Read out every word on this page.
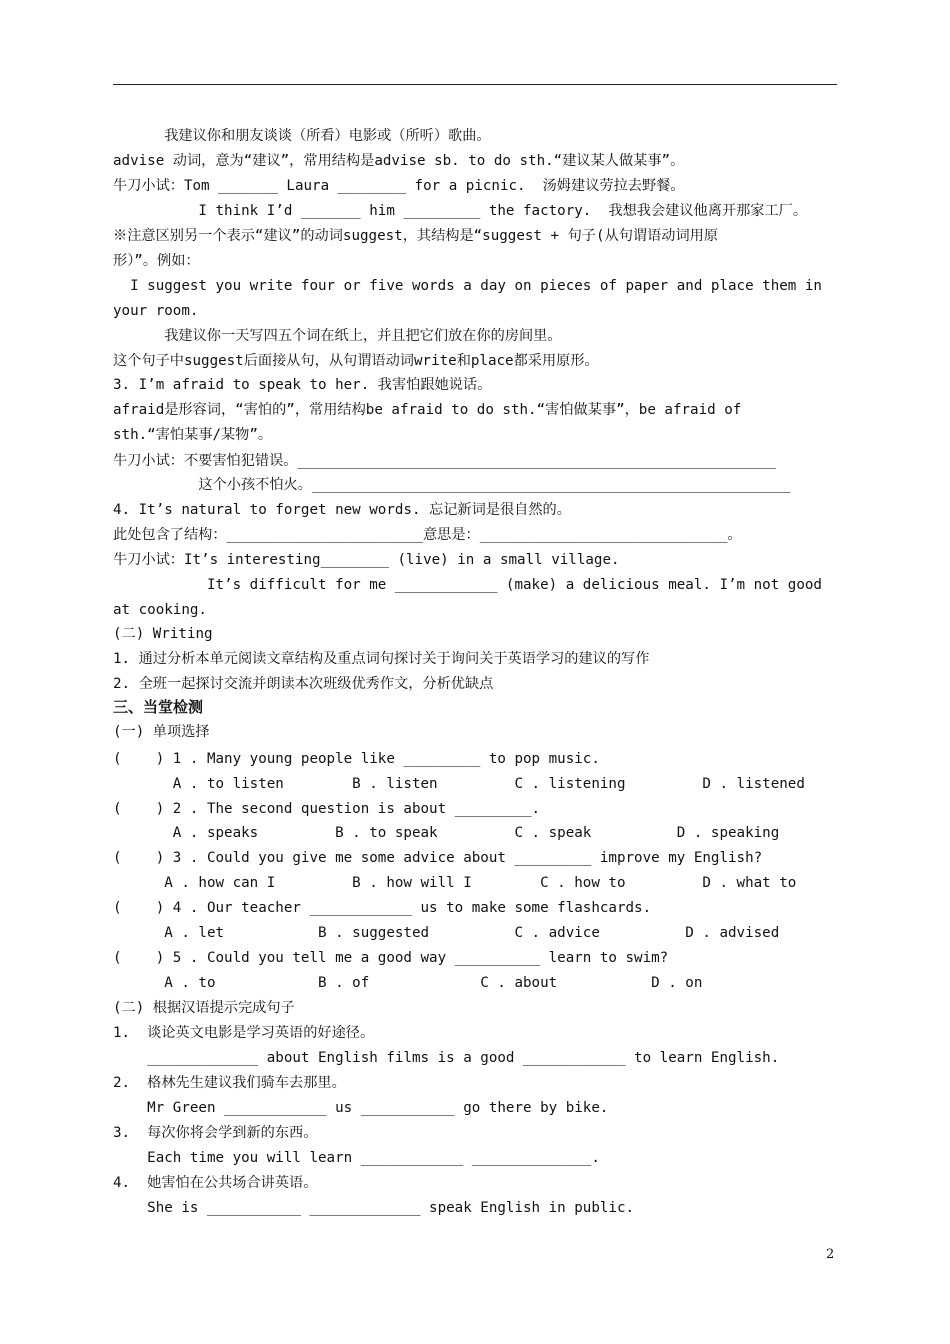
我建议你和朋友谈谈（所看）电影或（所听）歌曲。
advise 动词，意为“建议”，常用结构是advise sb. to do sth.“建议某人做某事”。
牛刀小试：Tom _______ Laura ________ for a picnic.  汤姆建议劳拉去野餐。
I think I’d _______ him _________ the factory.  我想我会建议他离开那家工厂。
※注意区别另一个表示“建议”的动词suggest，其结构是“suggest + 句子(从句谓语动词用原
形）”。例如：
I suggest you write four or five words a day on pieces of paper and place them in
your room.
我建议你一天写四五个词在纸上，并且把它们放在你的房间里。
这个句子中suggest后面接从句，从句谓语动词write和place都采用原形。
3. I’m afraid to speak to her. 我害怕跟她说话。
afraid是形容词，“害怕的”，常用结构be afraid to do sth.“害怕做某事”，be afraid of
sth.“害怕某事/某物”。
牛刀小试：不要害怕犯错误。________________________________________________________
这个小孩不怕火。________________________________________________________
4. It’s natural to forget new words. 忘记新词是很自然的。
此处包含了结构：_______________________意思是：_____________________________。
牛刀小试：It’s interesting________ (live) in a small village.
It’s difficult for me ____________ (make) a delicious meal. I’m not good
at cooking.
(二) Writing
1. 通过分析本单元阅读文章结构及重点词句探讨关于询问关于英语学习的建议的写作
2. 全班一起探讨交流并朗读本次班级优秀作文，分析优缺点
三、当堂检测
(一) 单项选择
(    ) 1 . Many young people like _________ to pop music.
A . to listen        B . listen         C . listening         D . listened
(    ) 2 . The second question is about _________.
A . speaks         B . to speak         C . speak          D . speaking
(    ) 3 . Could you give me some advice about _________ improve my English?
A . how can I         B . how will I        C . how to         D . what to
(    ) 4 . Our teacher ____________ us to make some flashcards.
A . let           B . suggested          C . advice          D . advised
(    ) 5 . Could you tell me a good way __________ learn to swim?
A . to            B . of             C . about           D . on
(二) 根据汉语提示完成句子
1.  谈论英文电影是学习英语的好途径。
_____________ about English films is a good ____________ to learn English.
2.  格林先生建议我们骑车去那里。
Mr Green ____________ us ___________ go there by bike.
3.  每次你将会学到新的东西。
Each time you will learn ____________ ______________.
4.  她害怕在公共场合讲英语。
She is ___________ _____________ speak English in public.
2
